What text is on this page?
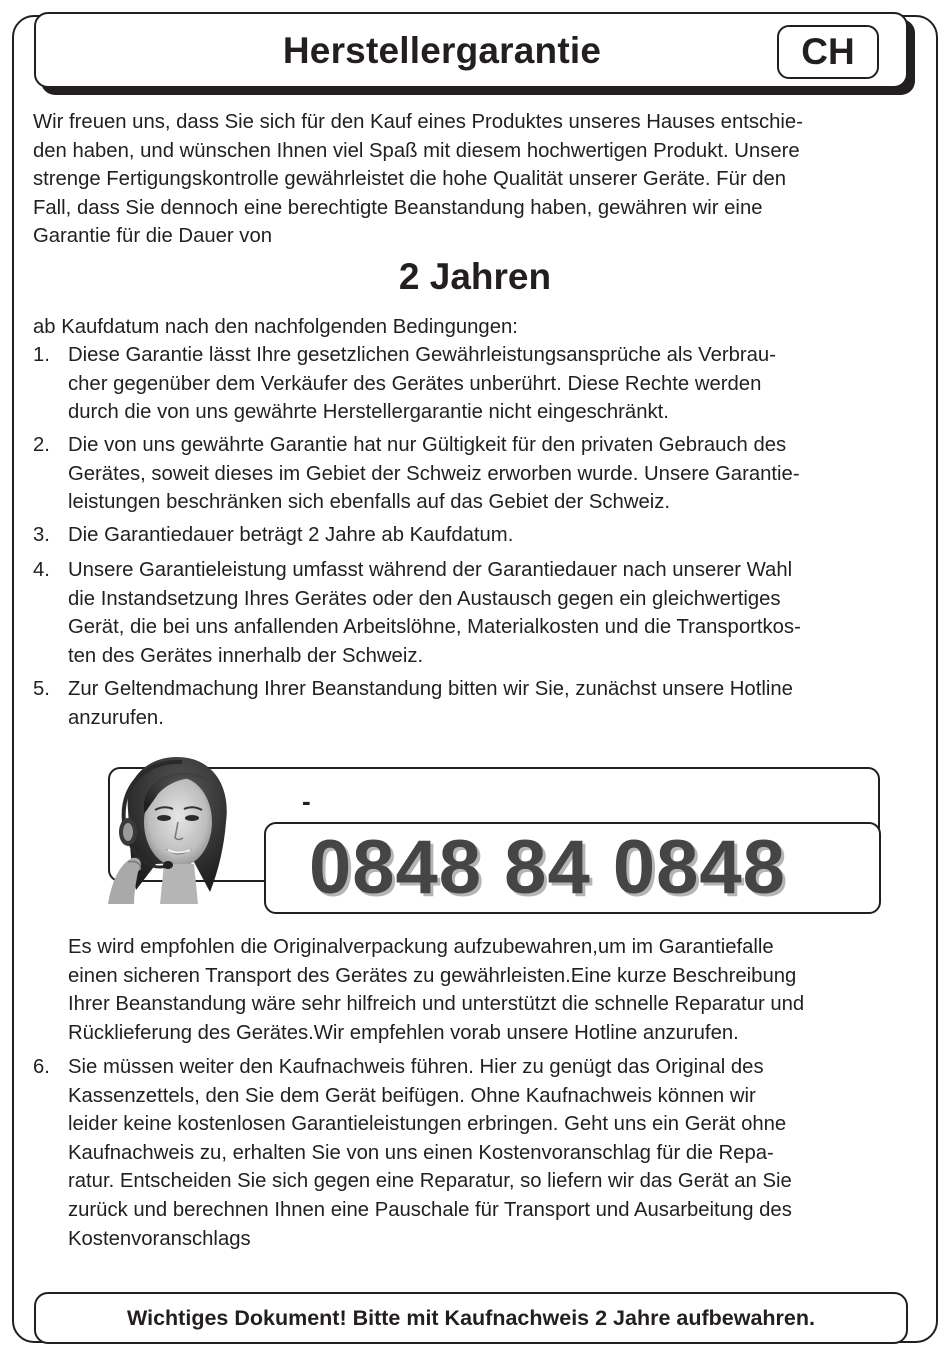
Herstellergarantie	CH
Wir freuen uns, dass Sie sich für den Kauf eines Produktes unseres Hauses entschie-
den haben, und wünschen Ihnen viel Spaß mit diesem hochwertigen Produkt. Unsere
strenge Fertigungskontrolle gewährleistet die hohe Qualität unserer Geräte. Für den
Fall, dass Sie dennoch eine berechtigte Beanstandung haben, gewähren wir eine
Garantie für die Dauer von
2 Jahren
ab Kaufdatum nach den nachfolgenden Bedingungen:
1. Diese Garantie lässt Ihre gesetzlichen Gewährleistungsansprüche als Verbrau-
cher gegenüber dem Verkäufer des Gerätes unberührt. Diese Rechte werden
durch die von uns gewährte Herstellergarantie nicht eingeschränkt.
2. Die von uns gewährte Garantie hat nur Gültigkeit für den privaten Gebrauch des
Gerätes, soweit dieses im Gebiet der Schweiz erworben wurde. Unsere Garantie-
leistungen beschränken sich ebenfalls auf das Gebiet der Schweiz.
3. Die Garantiedauer beträgt 2 Jahre ab Kaufdatum.
4. Unsere Garantieleistung umfasst während der Garantiedauer nach unserer Wahl
die Instandsetzung Ihres Gerätes oder den Austausch gegen ein gleichwertiges
Gerät, die bei uns anfallenden Arbeitslöhne, Materialkosten und die Transportkos-
ten des Gerätes innerhalb der Schweiz.
5. Zur Geltendmachung Ihrer Beanstandung bitten wir Sie, zunächst unsere Hotline
anzurufen.
-
0848 84 0848
Es wird empfohlen die Originalverpackung aufzubewahren,um im Garantiefalle
einen sicheren Transport des Gerätes zu gewährleisten.Eine kurze Beschreibung
Ihrer Beanstandung wäre sehr hilfreich und unterstützt die schnelle Reparatur und
Rücklieferung des Gerätes.Wir empfehlen vorab unsere Hotline anzurufen.
6. Sie müssen weiter den Kaufnachweis führen. Hier zu genügt das Original des
Kassenzettels, den Sie dem Gerät beifügen. Ohne Kaufnachweis können wir
leider keine kostenlosen Garantieleistungen erbringen. Geht uns ein Gerät ohne
Kaufnachweis zu, erhalten Sie von uns einen Kostenvoranschlag für die Repa-
ratur. Entscheiden Sie sich gegen eine Reparatur, so liefern wir das Gerät an Sie
zurück und berechnen Ihnen eine Pauschale für Transport und Ausarbeitung des
Kostenvoranschlags
Wichtiges Dokument! Bitte mit Kaufnachweis 2 Jahre aufbewahren.
